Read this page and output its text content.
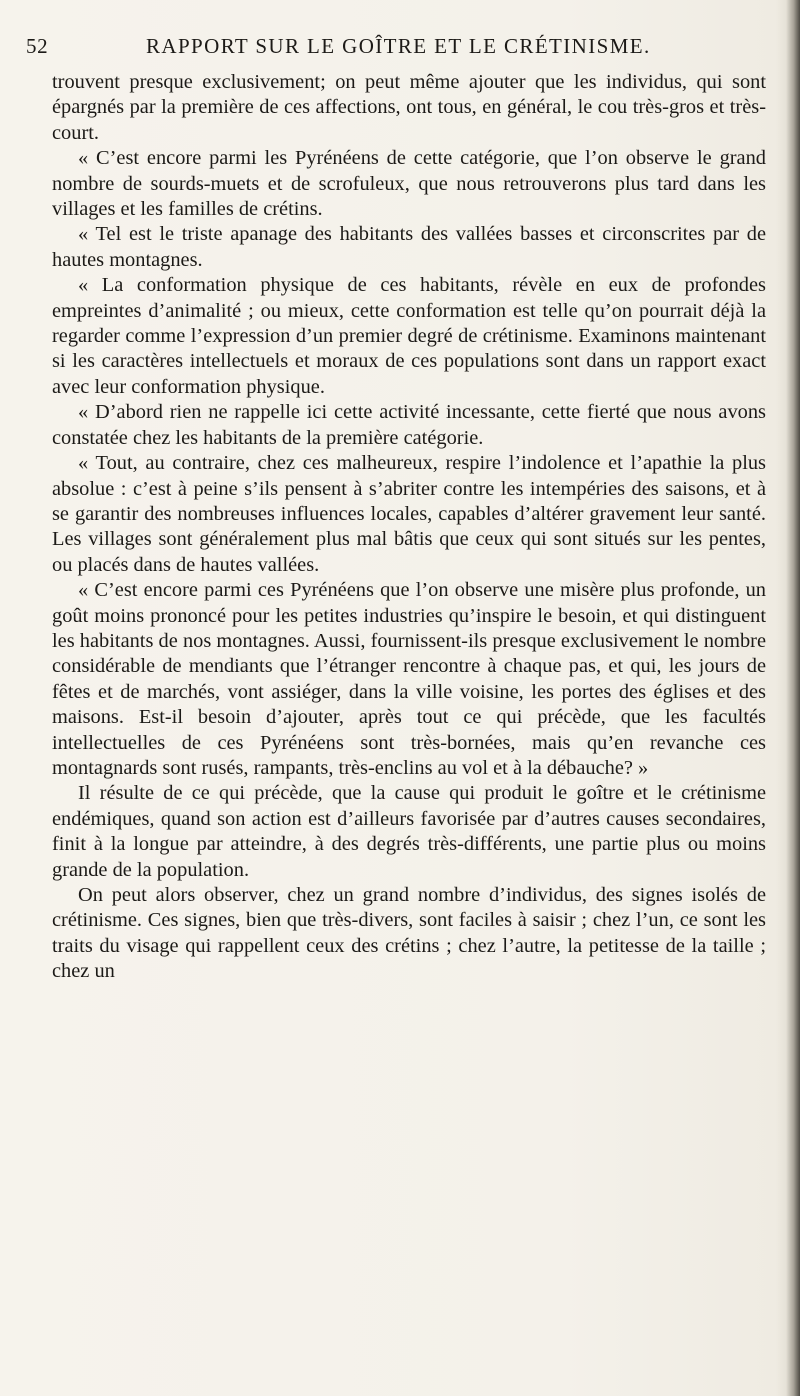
52	RAPPORT SUR LE GOÎTRE ET LE CRÉTINISME.

trouvent presque exclusivement; on peut même ajouter que les individus, qui sont épargnés par la première de ces affections, ont tous, en général, le cou très-gros et très-court.

« C’est encore parmi les Pyrénéens de cette catégorie, que l’on observe le grand nombre de sourds-muets et de scrofuleux, que nous retrouverons plus tard dans les villages et les familles de crétins.

« Tel est le triste apanage des habitants des vallées basses et circonscrites par de hautes montagnes.

« La conformation physique de ces habitants, révèle en eux de profondes empreintes d’animalité ; ou mieux, cette conformation est telle qu’on pourrait déjà la regarder comme l’expression d’un premier degré de crétinisme. Examinons maintenant si les caractères intellectuels et moraux de ces populations sont dans un rapport exact avec leur conformation physique.

« D’abord rien ne rappelle ici cette activité incessante, cette fierté que nous avons constatée chez les habitants de la première catégorie.

« Tout, au contraire, chez ces malheureux, respire l’indolence et l’apathie la plus absolue : c’est à peine s’ils pensent à s’abriter contre les intempéries des saisons, et à se garantir des nombreuses influences locales, capables d’altérer gravement leur santé. Les villages sont généralement plus mal bâtis que ceux qui sont situés sur les pentes, ou placés dans de hautes vallées.

« C’est encore parmi ces Pyrénéens que l’on observe une misère plus profonde, un goût moins prononcé pour les petites industries qu’inspire le besoin, et qui distinguent les habitants de nos montagnes. Aussi, fournissent-ils presque exclusivement le nombre considérable de mendiants que l’étranger rencontre à chaque pas, et qui, les jours de fêtes et de marchés, vont assiéger, dans la ville voisine, les portes des églises et des maisons. Est-il besoin d’ajouter, après tout ce qui précède, que les facultés intellectuelles de ces Pyrénéens sont très-bornées, mais qu’en revanche ces montagnards sont rusés, rampants, très-enclins au vol et à la débauche? »

Il résulte de ce qui précède, que la cause qui produit le goître et le crétinisme endémiques, quand son action est d’ailleurs favorisée par d’autres causes secondaires, finit à la longue par atteindre, à des degrés très-différents, une partie plus ou moins grande de la population.

On peut alors observer, chez un grand nombre d’individus, des signes isolés de crétinisme. Ces signes, bien que très-divers, sont faciles à saisir ; chez l’un, ce sont les traits du visage qui rappellent ceux des crétins ; chez l’autre, la petitesse de la taille ; chez un
